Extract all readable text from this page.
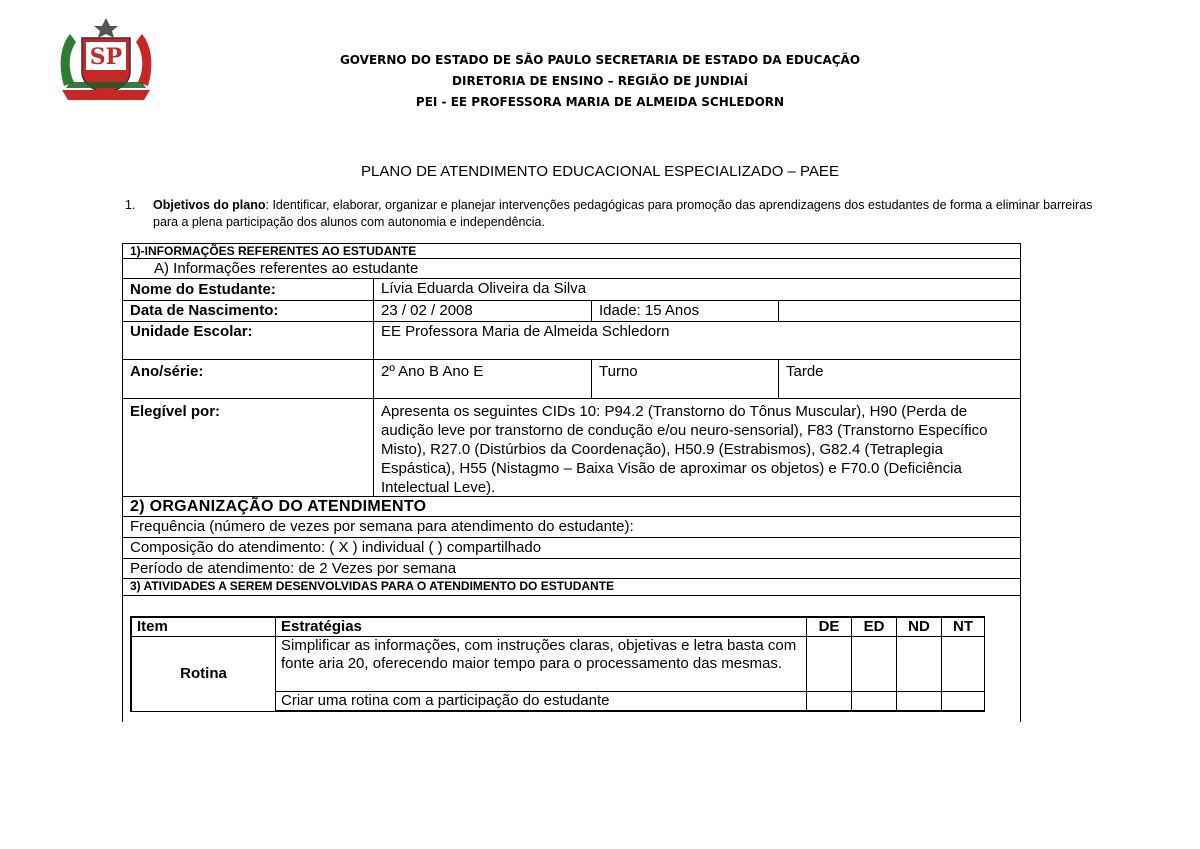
SP	GOVERNO DO ESTADO DE SÃO PAULO SECRETARIA DE ESTADO DA EDUCAÇÃO
DIRETORIA DE ENSINO – REGIÃO DE JUNDIAÍ
PEI - EE PROFESSORA MARIA DE ALMEIDA SCHLEDORN
PLANO DE ATENDIMENTO EDUCACIONAL ESPECIALIZADO – PAEE
1. Objetivos do plano: Identificar, elaborar, organizar e planejar intervenções pedagógicas para promoção das aprendizagens dos estudantes de forma a eliminar barreiras para a plena participação dos alunos com autonomia e independência.
1)-INFORMAÇÕES REFERENTES AO ESTUDANTE
A) Informações referentes ao estudante
Nome do Estudante:	Lívia Eduarda Oliveira da Silva
Data de Nascimento:	23 / 02 / 2008	Idade: 15 Anos
Unidade Escolar:	EE Professora Maria de Almeida Schledorn
Ano/série:	2º Ano B Ano E	Turno	Tarde
Elegível por:	Apresenta os seguintes CIDs 10: P94.2 (Transtorno do Tônus Muscular), H90 (Perda de audição leve por transtorno de condução e/ou neuro-sensorial), F83 (Transtorno Específico Misto), R27.0 (Distúrbios da Coordenação), H50.9 (Estrabismos), G82.4 (Tetraplegia Espástica), H55 (Nistagmo – Baixa Visão de aproximar os objetos) e F70.0 (Deficiência Intelectual Leve).
2) ORGANIZAÇÃO DO ATENDIMENTO
Frequência (número de vezes por semana para atendimento do estudante):
Composição do atendimento: ( X ) individual ( ) compartilhado
Período de atendimento: de 2 Vezes por semana
3) ATIVIDADES A SEREM DESENVOLVIDAS PARA O ATENDIMENTO DO ESTUDANTE
Item	Estratégias	DE	ED	ND	NT
Rotina	Simplificar as informações, com instruções claras, objetivas e letra basta com fonte aria 20, oferecendo maior tempo para o processamento das mesmas.				
	Criar uma rotina com a participação do estudante				
